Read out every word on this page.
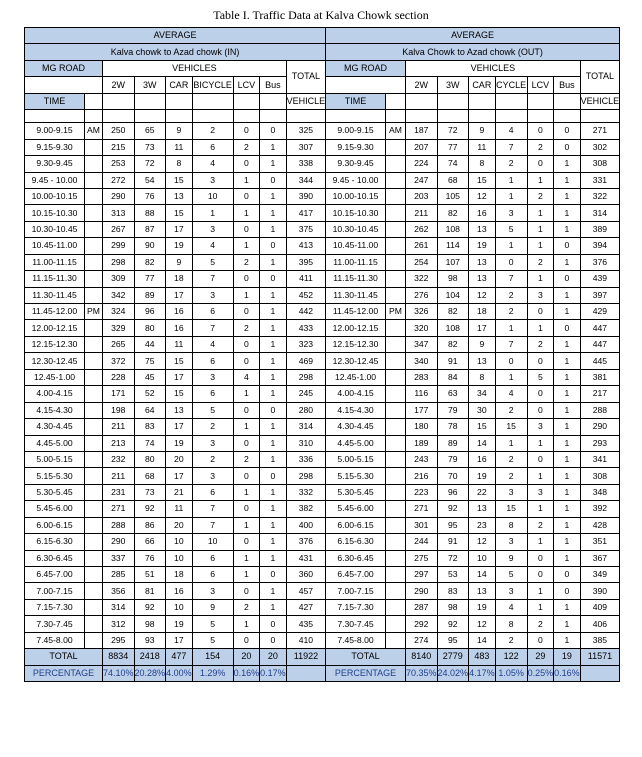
Table I. Traffic Data at Kalva Chowk section
AVERAGE								
Kalva chowk to Azad chowk (IN)								
MG ROAD		VEHICLES						TOTAL
		2W	3W	CAR	BICYCLE	LCV	Bus	
TIME								VEHICLE

9.00-9.15	AM	250	65	9	2	0	0	325
9.15-9.30		215	73	11	6	2	1	307
9.30-9.45		253	72	8	4	0	1	338
9.45 - 10.00		272	54	15	3	1	0	344
10.00-10.15		290	76	13	10	0	1	390
10.15-10.30		313	88	15	1	1	1	417
10.30-10.45		267	87	17	3	0	1	375
10.45-11.00		299	90	19	4	1	0	413
11.00-11.15		298	82	9	5	2	1	395
11.15-11.30		309	77	18	7	0	0	411
11.30-11.45		342	89	17	3	1	1	452
11.45-12.00	PM	324	96	16	6	0	1	442
12.00-12.15		329	80	16	7	2	1	433
12.15-12.30		265	44	11	4	0	1	323
12.30-12.45		372	75	15	6	0	1	469
12.45-1.00		228	45	17	3	4	1	298
4.00-4.15		171	52	15	6	1	1	245
4.15-4.30		198	64	13	5	0	0	280
4.30-4.45		211	83	17	2	1	1	314
4.45-5.00		213	74	19	3	0	1	310
5.00-5.15		232	80	20	2	2	1	336
5.15-5.30		211	68	17	3	0	0	298
5.30-5.45		231	73	21	6	1	1	332
5.45-6.00		271	92	11	7	0	1	382
6.00-6.15		288	86	20	7	1	1	400
6.15-6.30		290	66	10	10	0	1	376
6.30-6.45		337	76	10	6	1	1	431
6.45-7.00		285	51	18	6	1	0	360
7.00-7.15		356	81	16	3	0	1	457
7.15-7.30		314	92	10	9	2	1	427
7.30-7.45		312	98	19	5	1	0	435
7.45-8.00		295	93	17	5	0	0	410
TOTAL		8834	2418	477	154	20	20	11922
PERCENTAGE		74.10%	20.28%	4.00%	1.29%	0.16%	0.17%	
AVERAGE								
Kalva Chowk to Azad chowk (OUT)								
MG ROAD		VEHICLES						TOTAL
		2W	3W	CAR	CYCLE	LCV	Bus	
TIME								VEHICLE

9.00-9.15	AM	187	72	9	4	0	0	271
9.15-9.30		207	77	11	7	2	0	302
9.30-9.45		224	74	8	2	0	1	308
9.45 - 10.00		247	68	15	1	1	1	331
10.00-10.15		203	105	12	1	2	1	322
10.15-10.30		211	82	16	3	1	1	314
10.30-10.45		262	108	13	5	1	1	389
10.45-11.00		261	114	19	1	1	0	394
11.00-11.15		254	107	13	0	2	1	376
11.15-11.30		322	98	13	7	1	0	439
11.30-11.45		276	104	12	2	3	1	397
11.45-12.00	PM	326	82	18	2	0	1	429
12.00-12.15		320	108	17	1	1	0	447
12.15-12.30		347	82	9	7	2	1	447
12.30-12.45		340	91	13	0	0	1	445
12.45-1.00		283	84	8	1	5	1	381
4.00-4.15		116	63	34	4	0	1	217
4.15-4.30		177	79	30	2	0	1	288
4.30-4.45		180	78	15	15	3	1	290
4.45-5.00		189	89	14	1	1	1	293
5.00-5.15		243	79	16	2	0	1	341
5.15-5.30		216	70	19	2	1	1	308
5.30-5.45		223	96	22	3	3	1	348
5.45-6.00		271	92	13	15	1	1	392
6.00-6.15		301	95	23	8	2	1	428
6.15-6.30		244	91	12	3	1	1	351
6.30-6.45		275	72	10	9	0	1	367
6.45-7.00		297	53	14	5	0	0	349
7.00-7.15		290	83	13	3	1	0	390
7.15-7.30		287	98	19	4	1	1	409
7.30-7.45		292	92	12	8	2	1	406
7.45-8.00		274	95	14	2	0	1	385
TOTAL		8140	2779	483	122	29	19	11571
PERCENTAGE		70.35%	24.02%	4.17%	1.05%	0.25%	0.16%	
